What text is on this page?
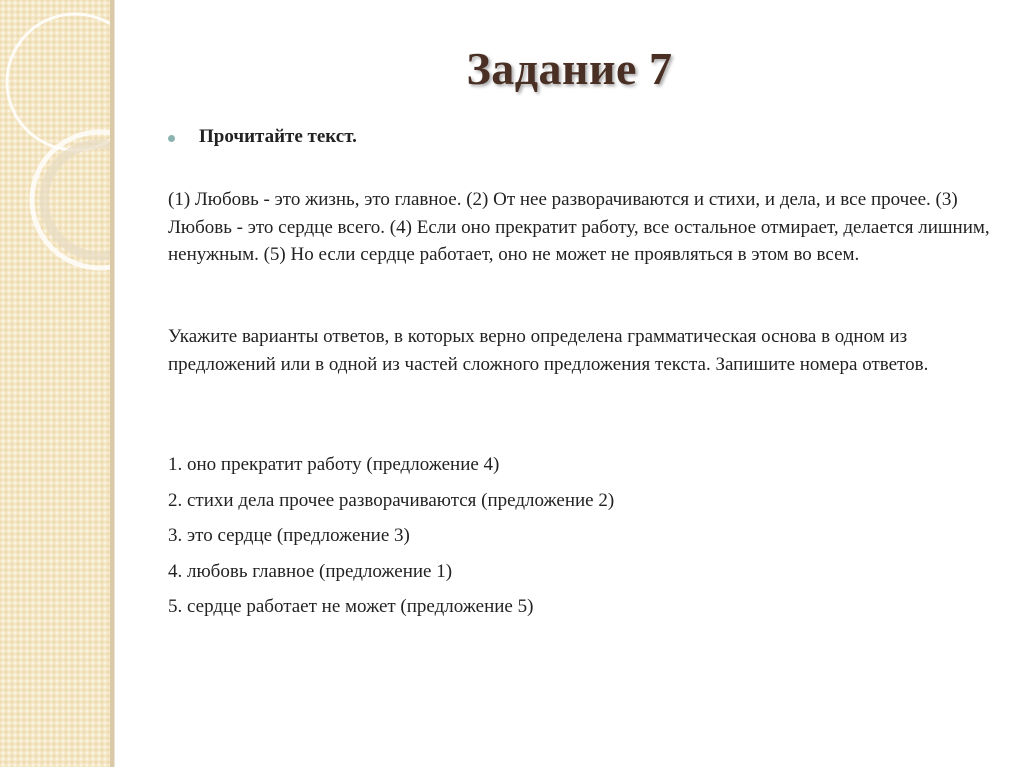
Задание 7
Прочитайте текст.
(1) Любовь - это жизнь, это главное. (2) От нее разворачиваются и стихи, и дела, и все прочее. (3) Любовь - это сердце всего. (4) Если оно прекратит работу, все остальное отмирает, делается лишним, ненужным. (5) Но если сердце работает, оно не может не проявляться в этом во всем.
Укажите варианты ответов, в которых верно определена грамматическая основа в одном из предложений или в одной из частей сложного предложения текста. Запишите номера ответов.
1. оно прекратит работу (предложение 4)
2. стихи дела прочее разворачиваются (предложение 2)
3. это сердце (предложение 3)
4. любовь главное (предложение 1)
5. сердце работает не может (предложение 5)
